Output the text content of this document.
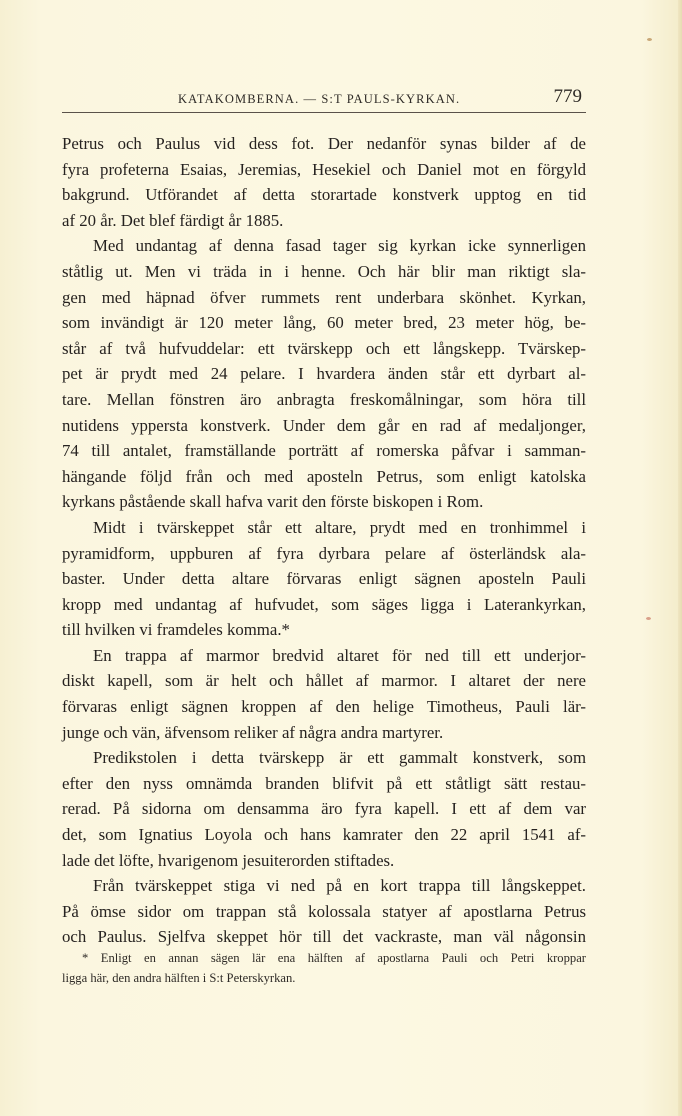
KATAKOMBERNA. — S:T PAULS-KYRKAN.	779
Petrus och Paulus vid dess fot. Der nedanför synas bilder af de
fyra profeterna Esaias, Jeremias, Hesekiel och Daniel mot en förgyld
bakgrund. Utförandet af detta storartade konstverk upptog en tid
af 20 år. Det blef färdigt år 1885.
Med undantag af denna fasad tager sig kyrkan icke synnerligen
ståtlig ut. Men vi träda in i henne. Och här blir man riktigt sla-
gen med häpnad öfver rummets rent underbara skönhet. Kyrkan,
som invändigt är 120 meter lång, 60 meter bred, 23 meter hög, be-
står af två hufvuddelar: ett tvärskepp och ett långskepp. Tvärskep-
pet är prydt med 24 pelare. I hvardera änden står ett dyrbart al-
tare. Mellan fönstren äro anbragta freskomålningar, som höra till
nutidens yppersta konstverk. Under dem går en rad af medaljonger,
74 till antalet, framställande porträtt af romerska påfvar i samman-
hängande följd från och med aposteln Petrus, som enligt katolska
kyrkans påstående skall hafva varit den förste biskopen i Rom.
Midt i tvärskeppet står ett altare, prydt med en tronhimmel i
pyramidform, uppburen af fyra dyrbara pelare af österländsk ala-
baster. Under detta altare förvaras enligt sägnen aposteln Pauli
kropp med undantag af hufvudet, som säges ligga i Laterankyrkan,
till hvilken vi framdeles komma.*
En trappa af marmor bredvid altaret för ned till ett underjor-
diskt kapell, som är helt och hållet af marmor. I altaret der nere
förvaras enligt sägnen kroppen af den helige Timotheus, Pauli lär-
junge och vän, äfvensom reliker af några andra martyrer.
Predikstolen i detta tvärskepp är ett gammalt konstverk, som
efter den nyss omnämda branden blifvit på ett ståtligt sätt restau-
rerad. På sidorna om densamma äro fyra kapell. I ett af dem var
det, som Ignatius Loyola och hans kamrater den 22 april 1541 af-
lade det löfte, hvarigenom jesuiterorden stiftades.
Från tvärskeppet stiga vi ned på en kort trappa till långskeppet.
På ömse sidor om trappan stå kolossala statyer af apostlarna Petrus
och Paulus. Sjelfva skeppet hör till det vackraste, man väl någonsin
* Enligt en annan sägen lär ena hälften af apostlarna Pauli och Petri kroppar
ligga här, den andra hälften i S:t Peterskyrkan.
